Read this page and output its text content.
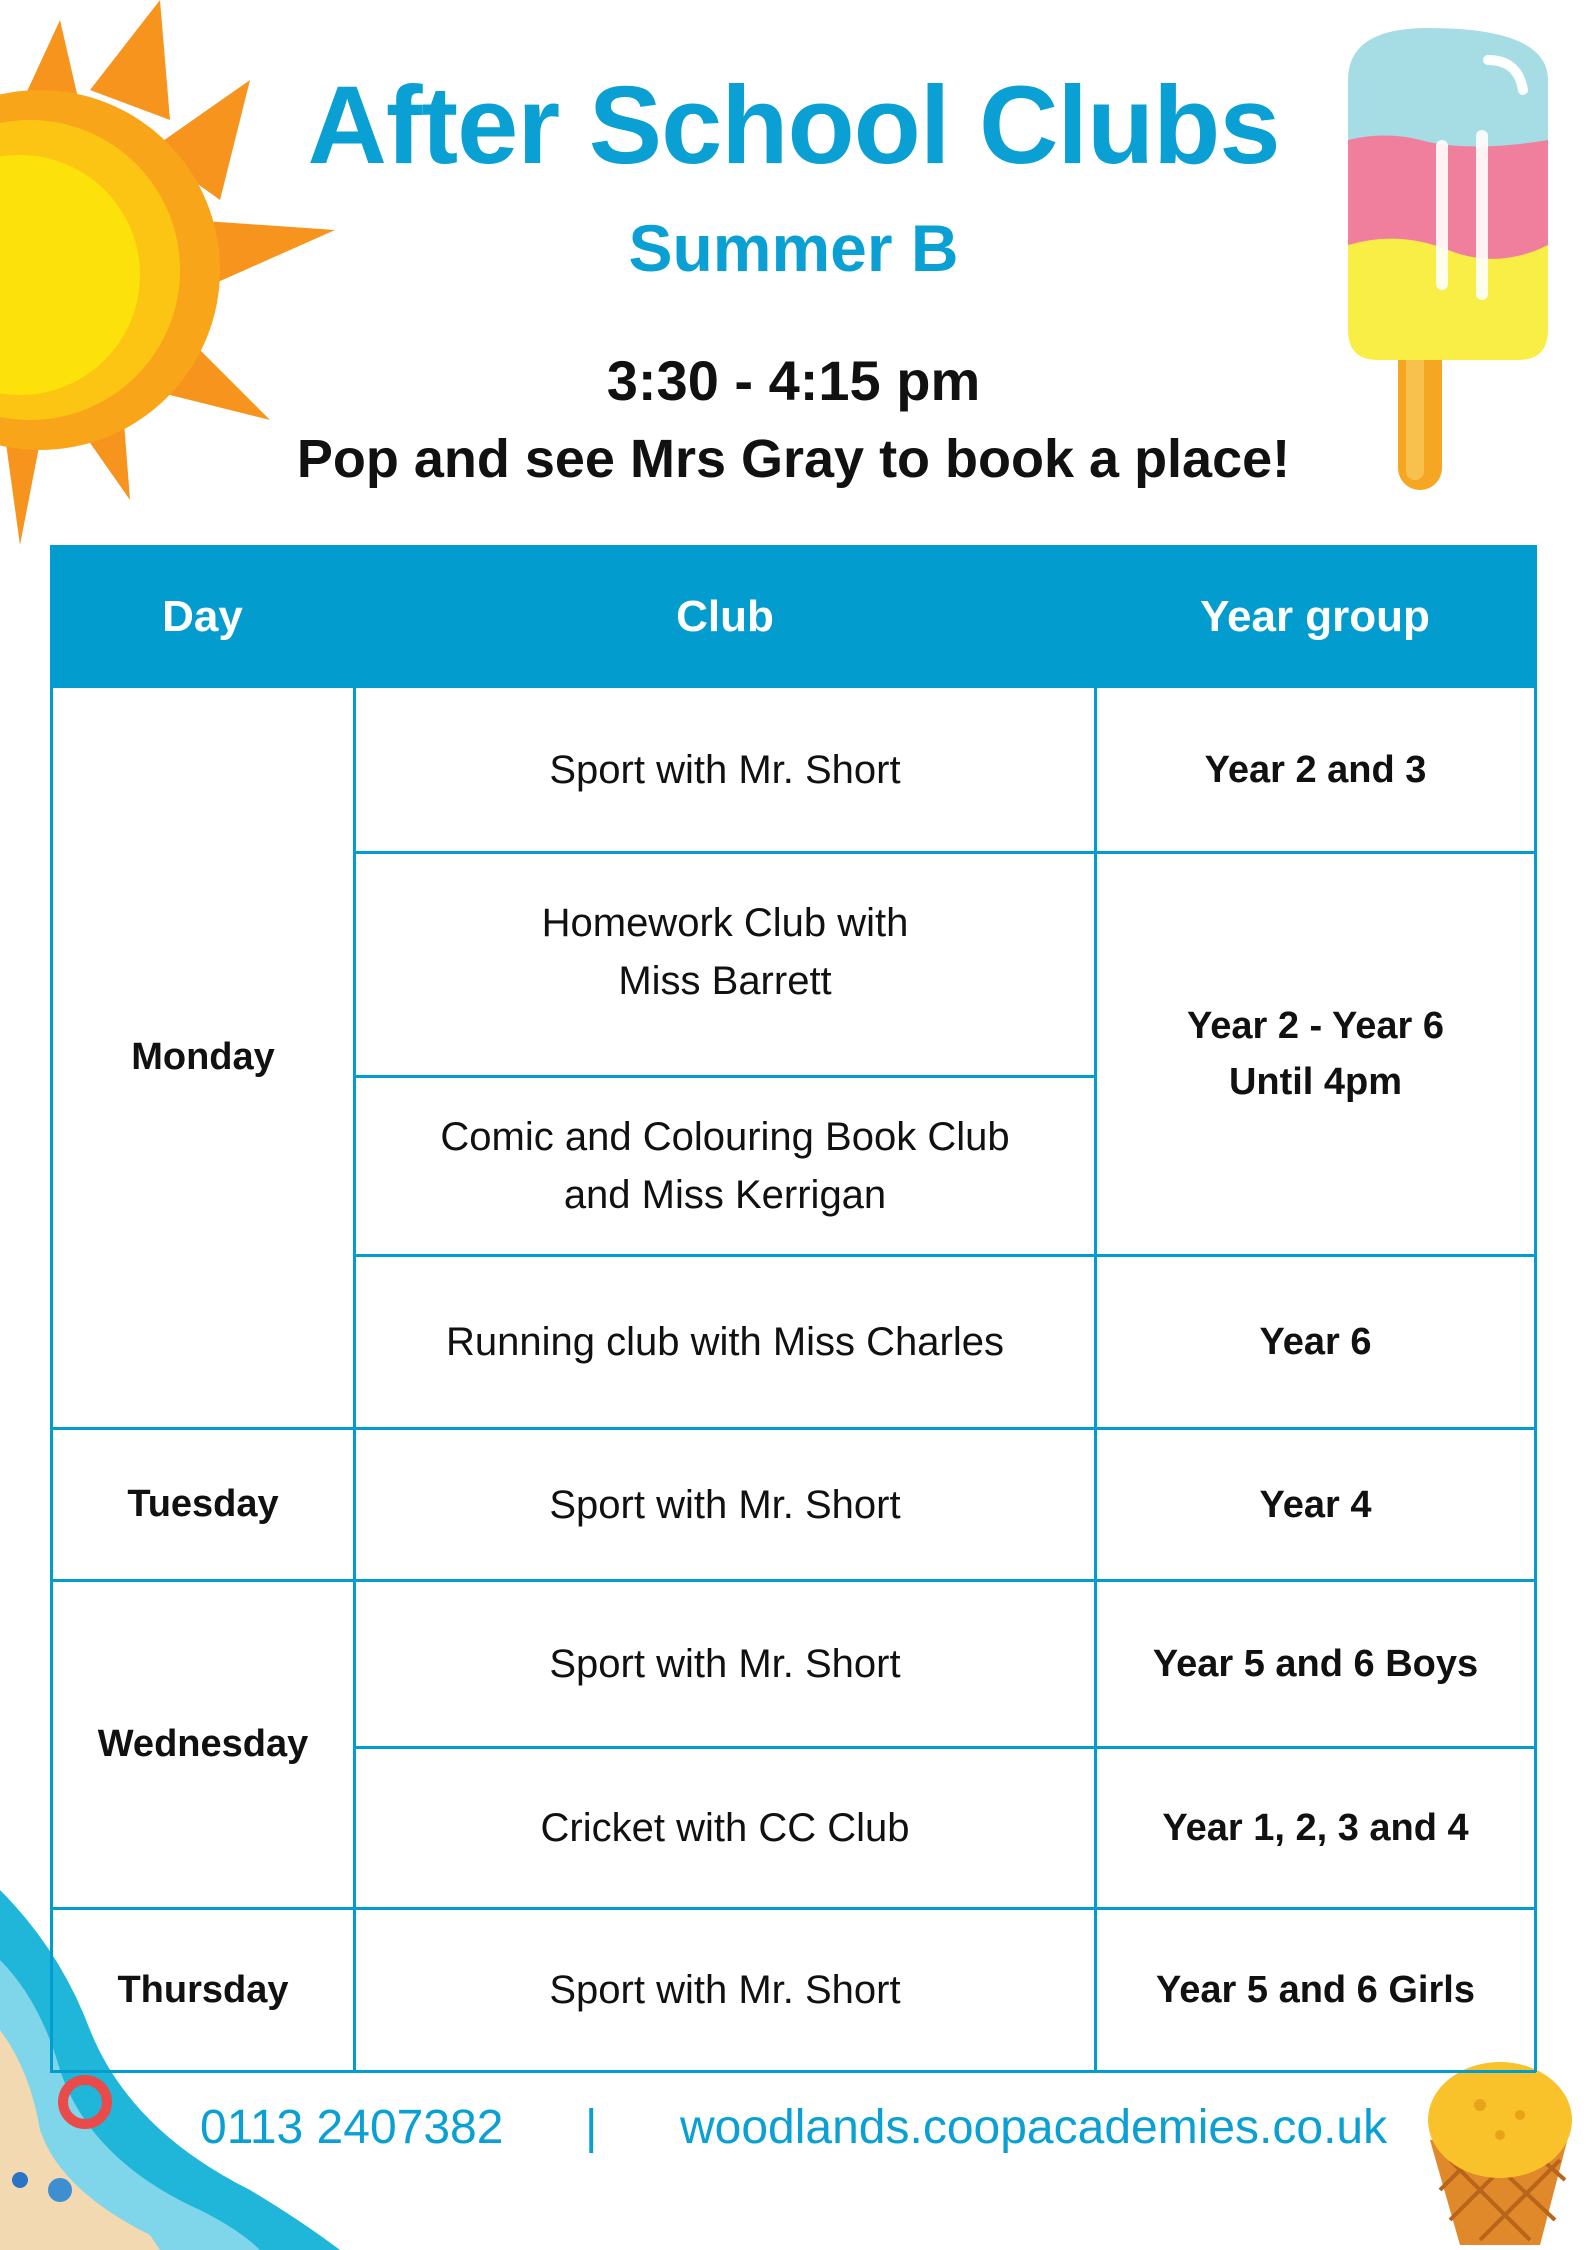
After School Clubs
Summer B
3:30 - 4:15 pm
Pop and see Mrs Gray to book a place!
Day	Club	Year group
Monday
Tuesday
Wednesday
Thursday
Sport with Mr. Short
Homework Club with
Miss Barrett
Comic and Colouring Book Club
and Miss Kerrigan
Running club with Miss Charles
Sport with Mr. Short
Sport with Mr. Short
Cricket with CC Club
Sport with Mr. Short
Year 2 and 3
Year 2 - Year 6
Until 4pm
Year 6
Year 4
Year 5 and 6 Boys
Year 1, 2, 3 and 4
Year 5 and 6 Girls
0113 2407382 | woodlands.coopacademies.co.uk
